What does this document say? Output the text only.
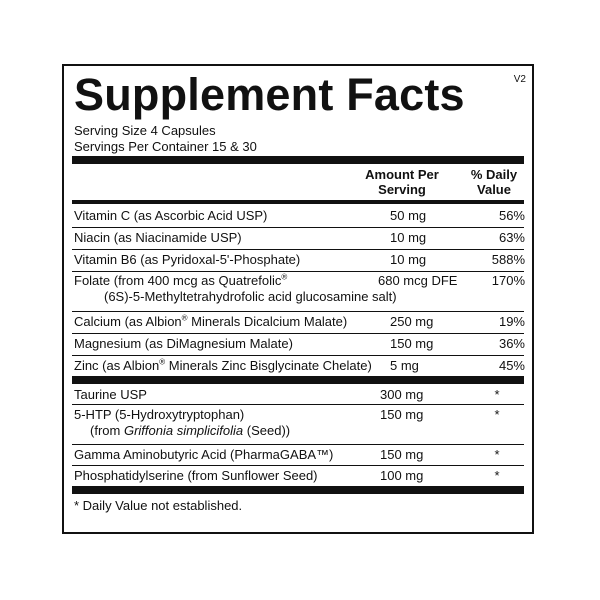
V2
Supplement Facts
Serving Size 4 Capsules
Servings Per Container 15 & 30
Amount Per
Serving
% Daily
Value
Vitamin C (as Ascorbic Acid USP)	50 mg	56%
Niacin (as Niacinamide USP)	10 mg	63%
Vitamin B6 (as Pyridoxal-5'-Phosphate)	10 mg	588%
Folate (from 400 mcg as Quatrefolic®
(6S)-5-Methyltetrahydrofolic acid glucosamine salt)
680 mcg DFE	170%
Calcium (as Albion® Minerals Dicalcium Malate)	250 mg	19%
Magnesium (as DiMagnesium Malate)	150 mg	36%
Zinc (as Albion® Minerals Zinc Bisglycinate Chelate) 5 mg	45%
Taurine USP	300 mg	*
5-HTP (5-Hydroxytryptophan)
(from Griffonia simplicifolia (Seed))
150 mg	*
Gamma Aminobutyric Acid (PharmaGABA™)	150 mg	*
Phosphatidylserine (from Sunflower Seed)	100 mg	*
* Daily Value not established.
